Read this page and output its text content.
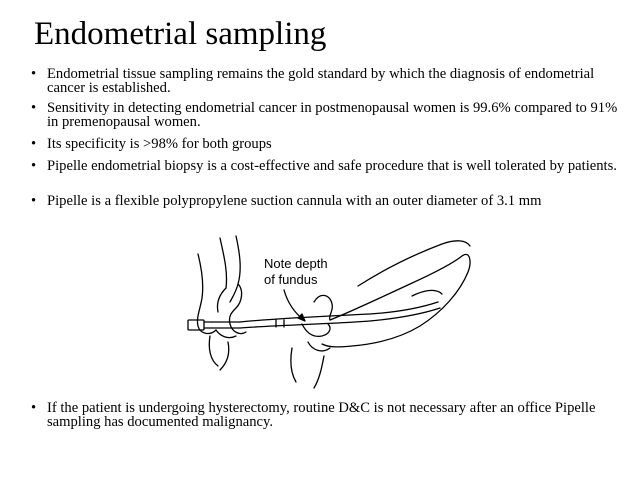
Endometrial sampling
• Endometrial tissue sampling remains the gold standard by which the diagnosis of endometrial cancer is established.
• Sensitivity in detecting endometrial cancer in postmenopausal women is 99.6% compared to 91% in premenopausal women.
• Its specificity is >98% for both groups
• Pipelle endometrial biopsy is a cost-effective and safe procedure that is well tolerated by patients.
• Pipelle is a flexible polypropylene suction cannula with an outer diameter of 3.1 mm
Note depth
of fundus
• If the patient is undergoing hysterectomy, routine D&C is not necessary after an office Pipelle sampling has documented malignancy.
